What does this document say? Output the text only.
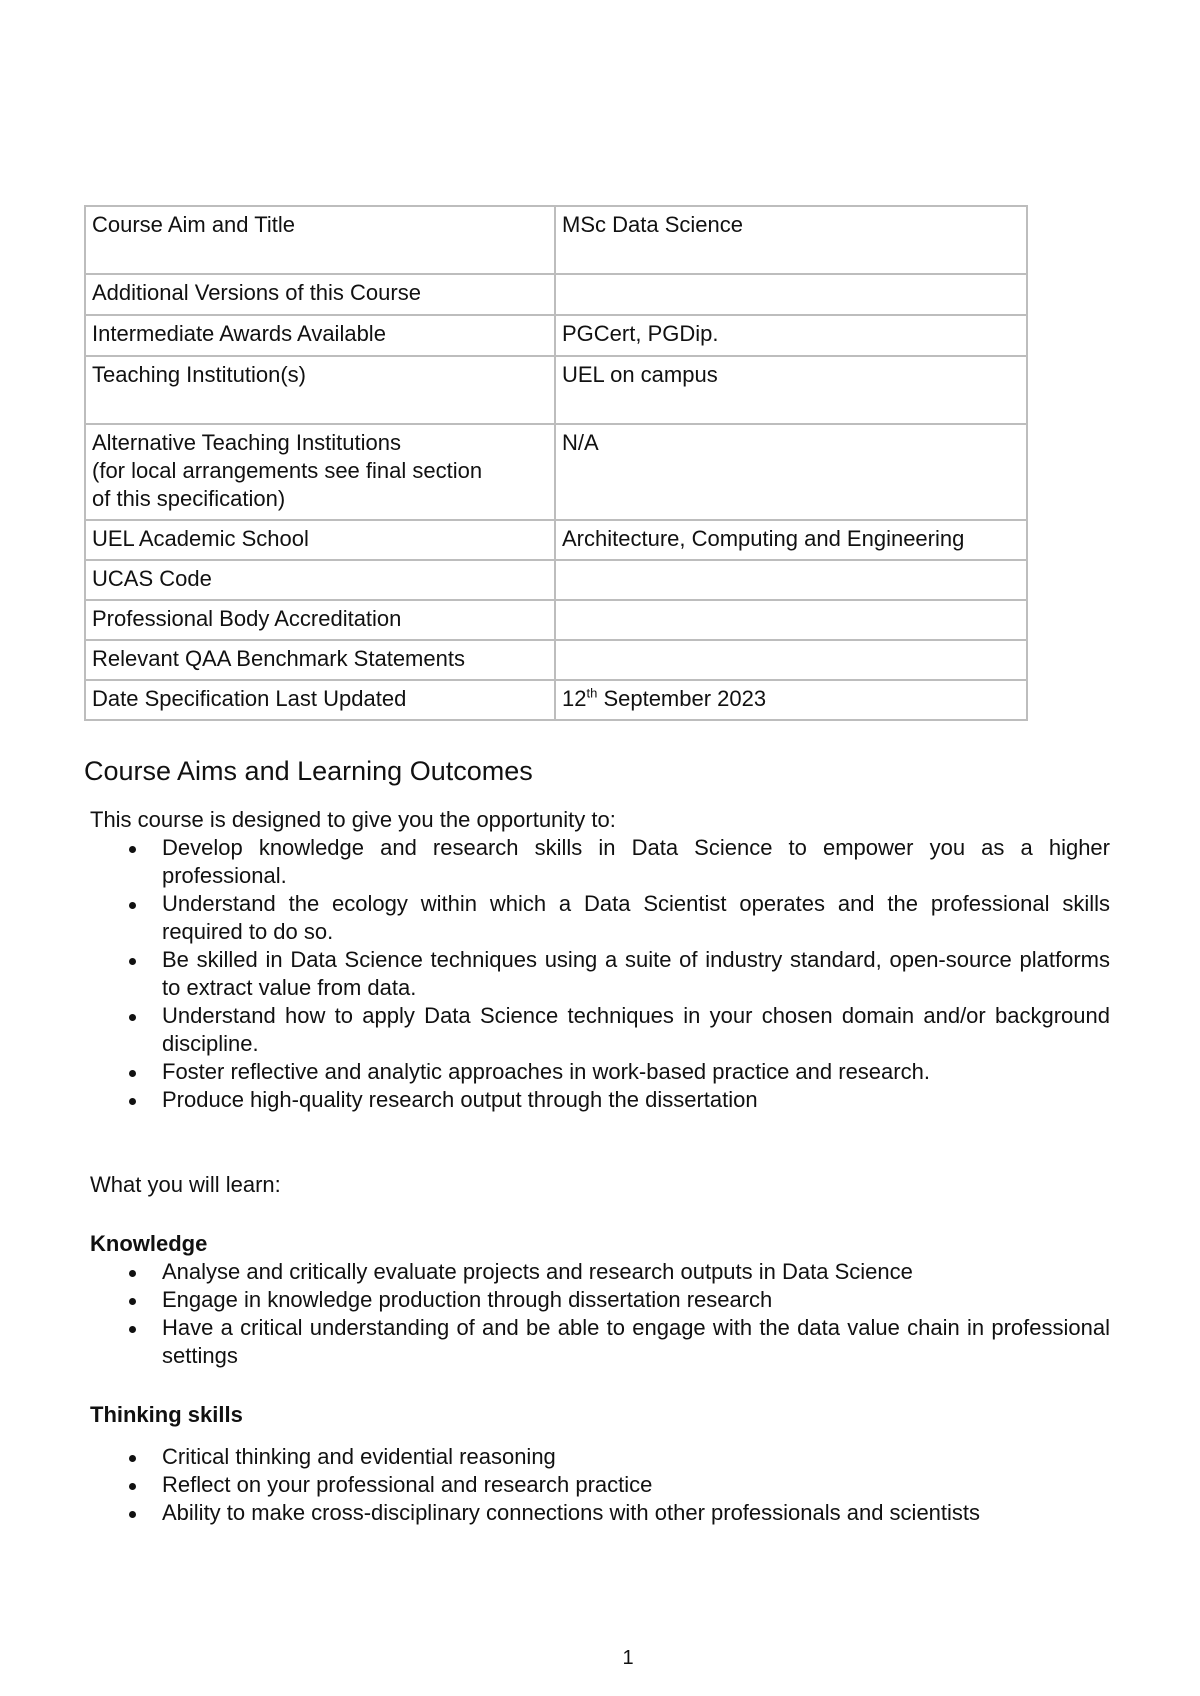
Course Aim and Title	MSc Data Science
Additional Versions of this Course	
Intermediate Awards Available	PGCert, PGDip.
Teaching Institution(s)	UEL on campus
Alternative Teaching Institutions
(for local arrangements see final section
of this specification)	N/A
UEL Academic School	Architecture, Computing and Engineering
UCAS Code	
Professional Body Accreditation	
Relevant QAA Benchmark Statements	
Date Specification Last Updated	12th September 2023
Course Aims and Learning Outcomes

This course is designed to give you the opportunity to:

Develop knowledge and research skills in Data Science to empower you as a higher professional.
Understand the ecology within which a Data Scientist operates and the professional skills required to do so.
Be skilled in Data Science techniques using a suite of industry standard, open-source platforms to extract value from data.
Understand how to apply Data Science techniques in your chosen domain and/or background discipline.
Foster reflective and analytic approaches in work-based practice and research.
Produce high-quality research output through the dissertation

What you will learn:

Knowledge

Analyse and critically evaluate projects and research outputs in Data Science
Engage in knowledge production through dissertation research
Have a critical understanding of and be able to engage with the data value chain in professional settings

Thinking skills

Critical thinking and evidential reasoning
Reflect on your professional and research practice
Ability to make cross-disciplinary connections with other professionals and scientists
1
